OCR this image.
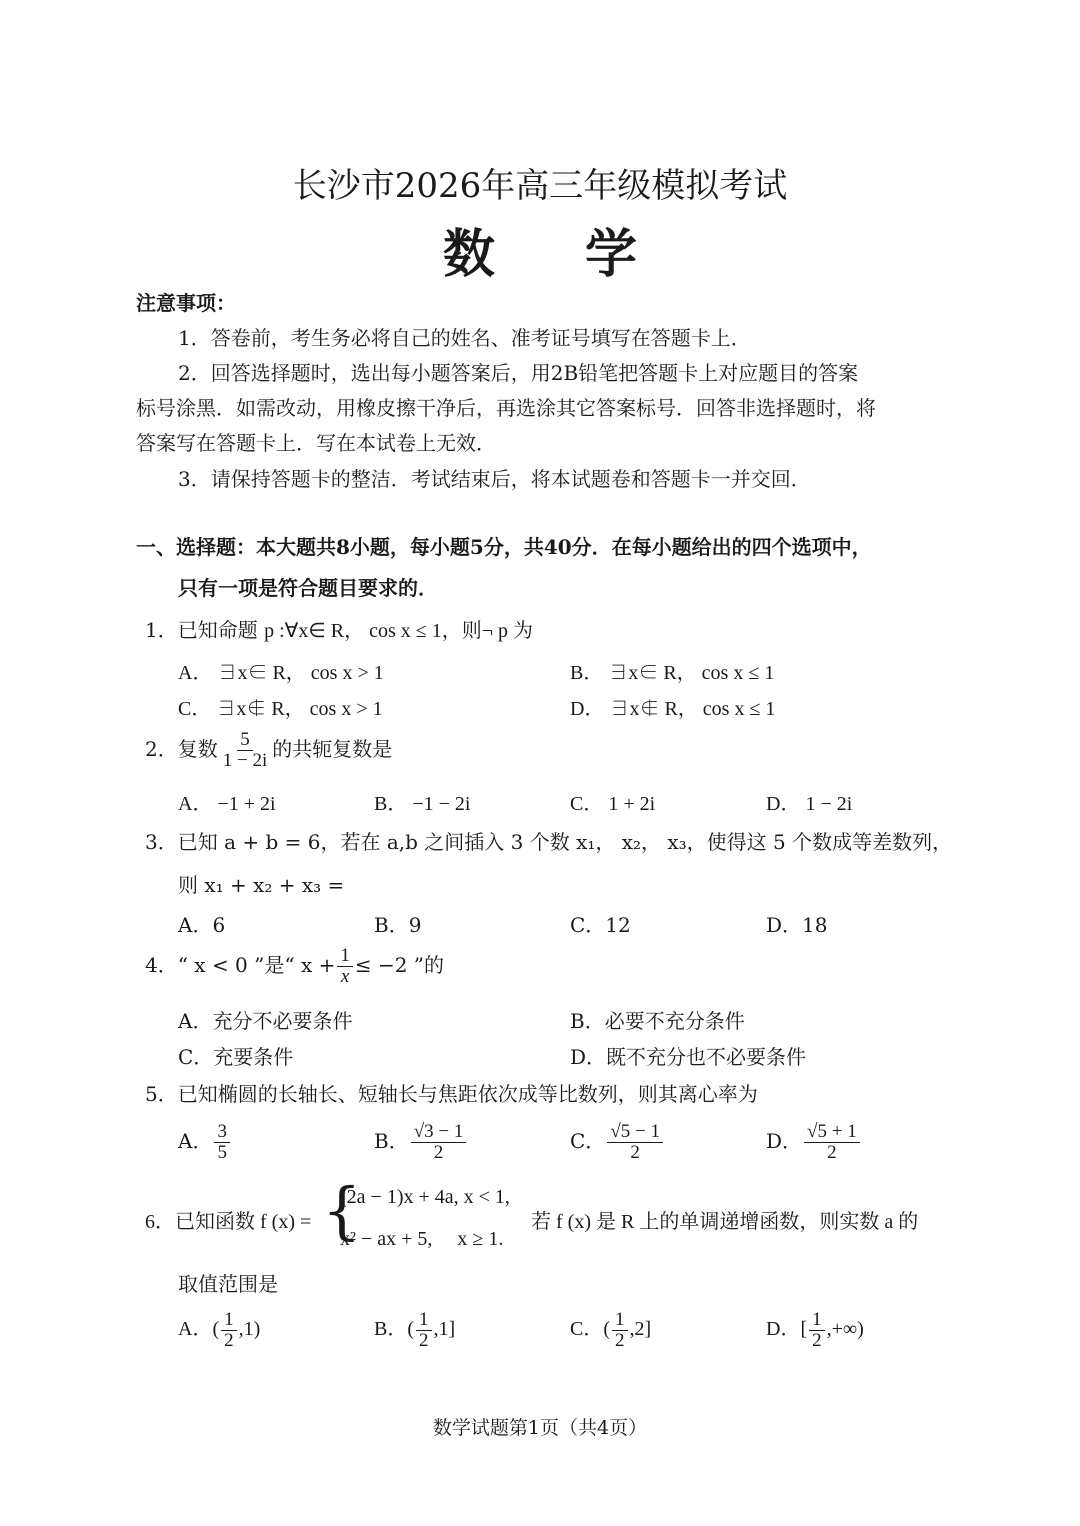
长沙市2026年高三年级模拟考试
数学
注意事项：
1．答卷前，考生务必将自己的姓名、准考证号填写在答题卡上．
2．回答选择题时，选出每小题答案后，用2B铅笔把答题卡上对应题目的答案
标号涂黑．如需改动，用橡皮擦干净后，再选涂其它答案标号．回答非选择题时，将
答案写在答题卡上．写在本试卷上无效．
3．请保持答题卡的整洁．考试结束后，将本试题卷和答题卡一并交回．
一、选择题：本大题共8小题，每小题5分，共40分．在每小题给出的四个选项中，
只有一项是符合题目要求的．
1．已知命题 p :∀x∈ R， cos x ≤ 1，则¬ p 为
A． ∃x∈ R， cos x > 1	B． ∃x∈ R， cos x ≤ 1
C． ∃x∉ R， cos x > 1	D． ∃x∉ R， cos x ≤ 1
2．复数 $\frac{5}{1 - 2i}$ 的共轭复数是
A． −1 + 2i	B． −1 − 2i	C． 1 + 2i	D． 1 − 2i
3．已知 a + b = 6，若在 a,b 之间插入 3 个数 x₁， x₂， x₃，使得这 5 个数成等差数列，
则 x₁ + x₂ + x₃ =
A．6	B．9	C．12	D．18
4．“ x < 0 ”是“ $x + \frac{1}{x} \le -2$ ”的
A．充分不必要条件	B．必要不充分条件
C．充要条件	D．既不充分也不必要条件
5．已知椭圆的长轴长、短轴长与焦距依次成等比数列，则其离心率为
A． $\frac{3}{5}$	B． $\frac{√3 - 1}{2}$	C． $\frac{√5 - 1}{2}$	D． $\frac{√5 + 1}{2}$
6．已知函数 f (x) = {
(2a − 1)x + 4a, x < 1,
x² − ax + 5,     x ≥ 1.
若 f (x) 是 R 上的单调递增函数，则实数 a 的
取值范围是
A．( $\frac{1}{2} ,1$)	B．( $\frac{1}{2} ,1$]	C．( $\frac{1}{2} ,2$]	D．[ $\frac{1}{2}$ ,+∞)
数学试题第1页（共4页）
